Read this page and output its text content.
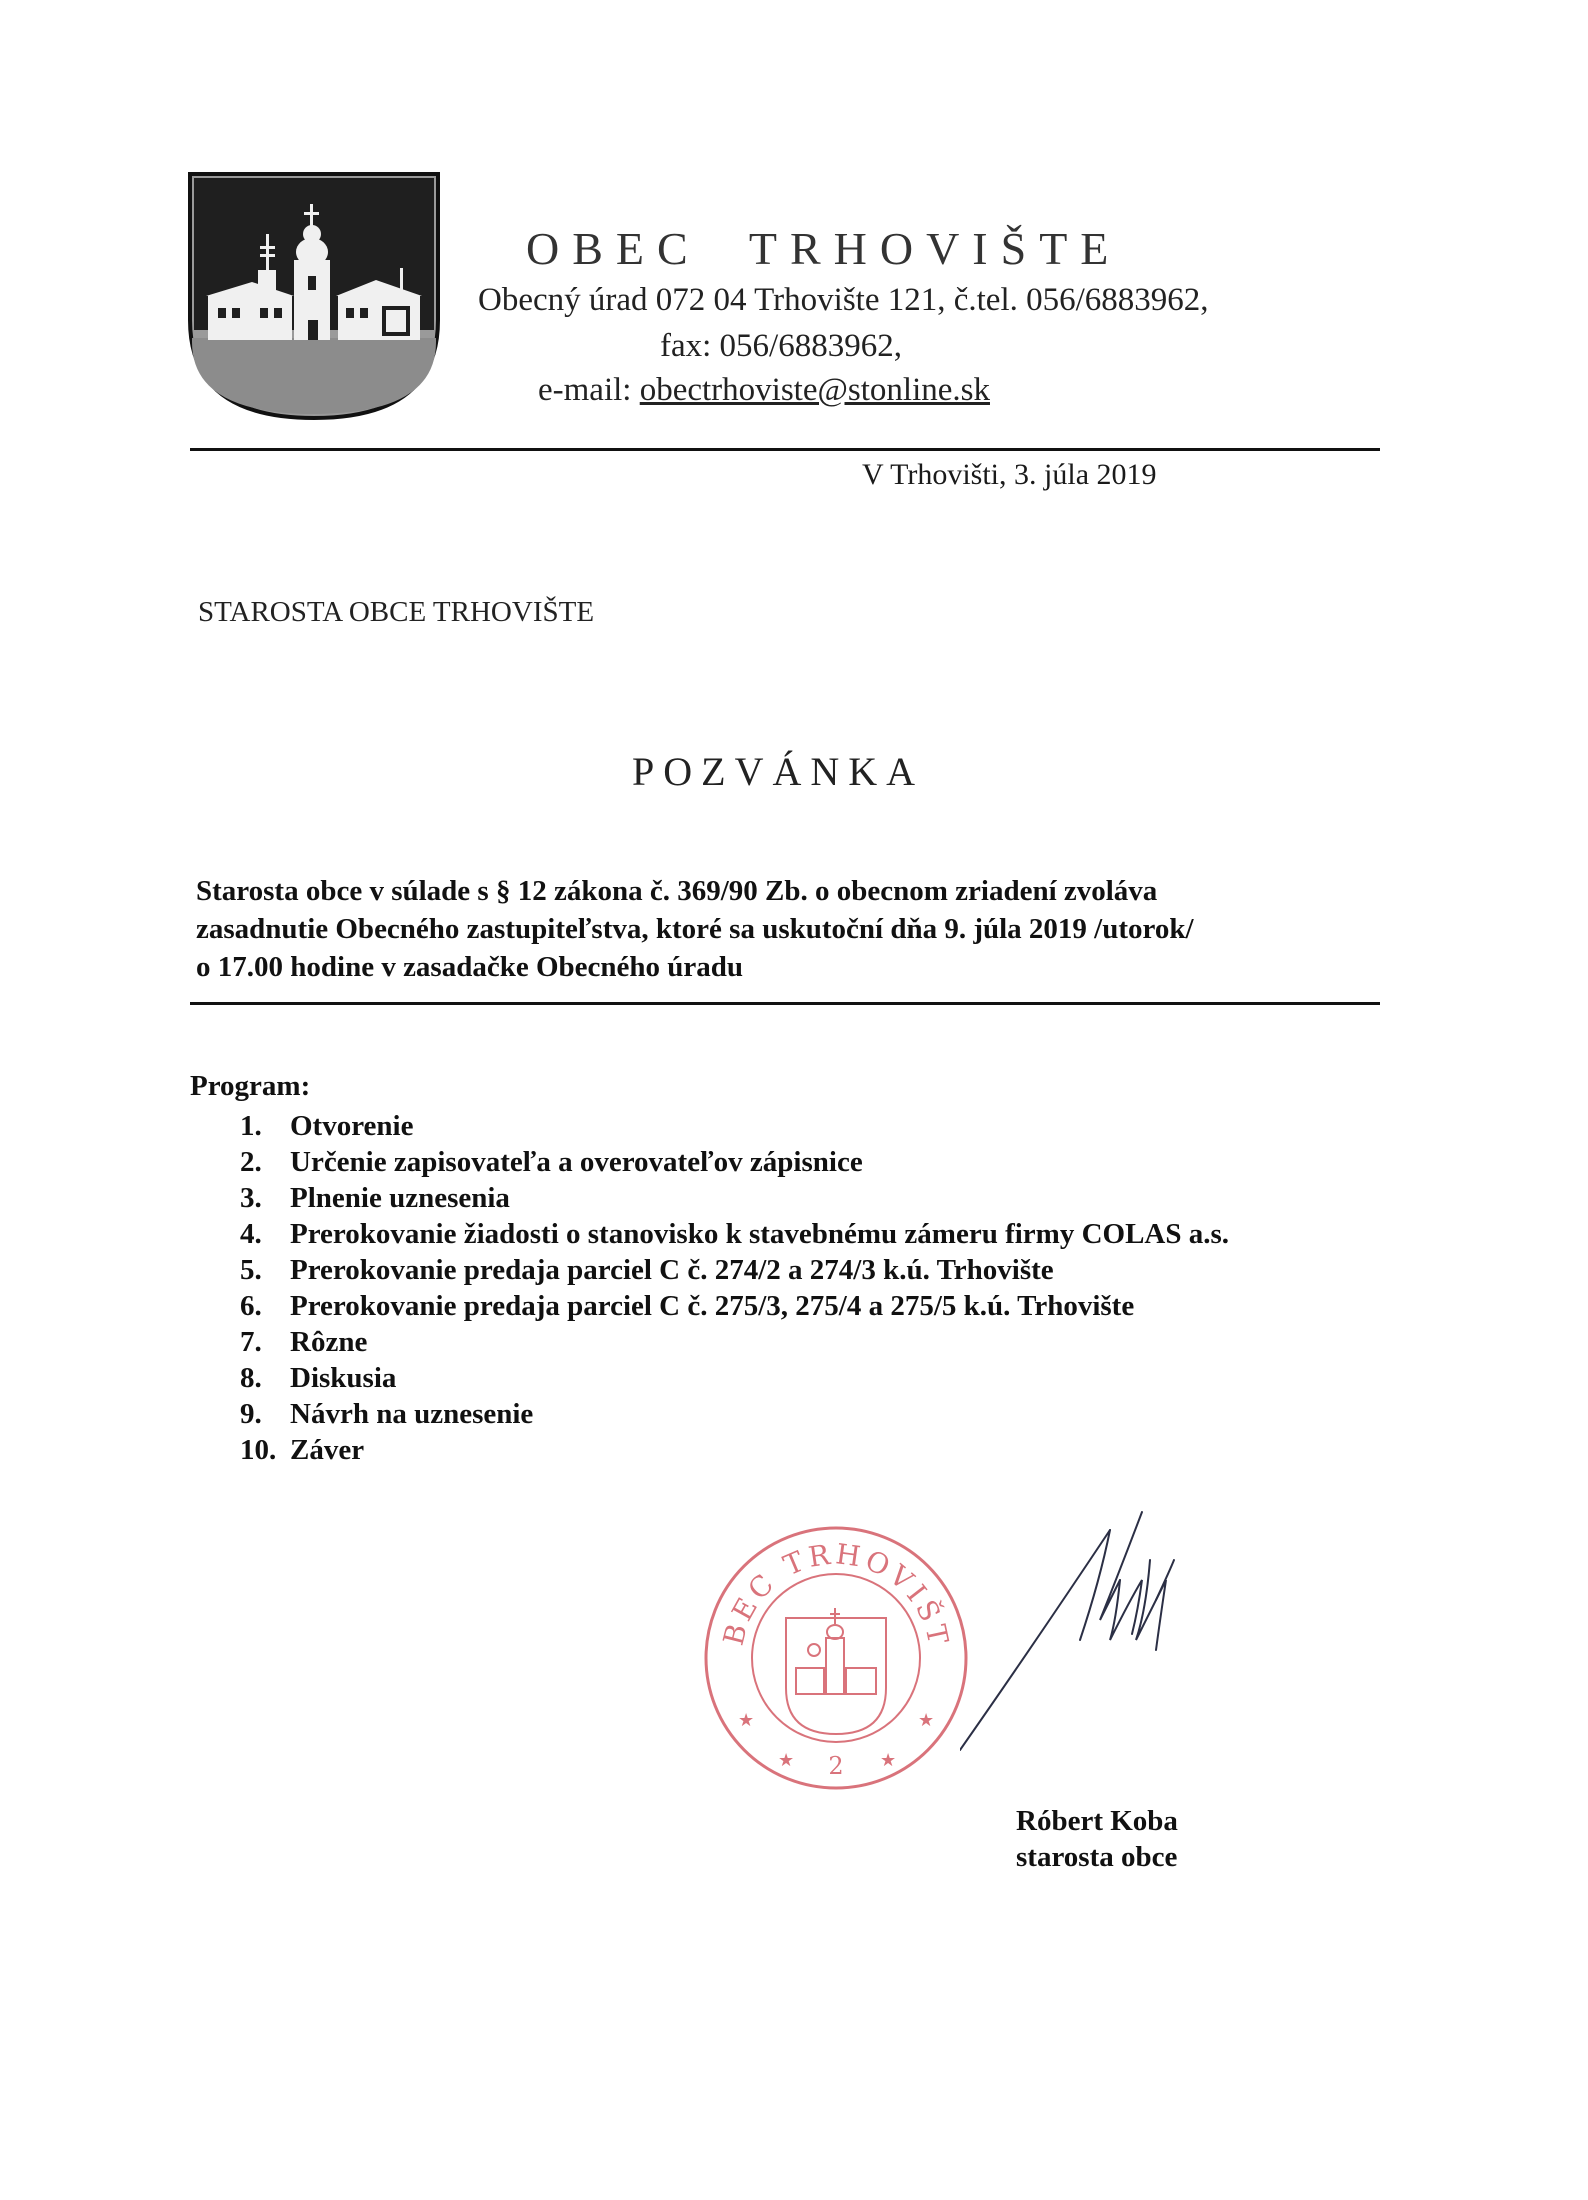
OBEC  TRHOVIŠTE
Obecný úrad 072 04 Trhovište 121, č.tel. 056/6883962,
fax: 056/6883962,
e-mail: obectrhoviste@stonline.sk
V Trhovišti, 3. júla 2019
STAROSTA OBCE TRHOVIŠTE
POZVÁNKA
Starosta obce v súlade s § 12 zákona č. 369/90 Zb. o obecnom zriadení zvoláva
zasadnutie Obecného zastupiteľstva, ktoré sa uskutoční dňa 9. júla 2019 /utorok/
o 17.00 hodine v zasadačke Obecného úradu
Program:
1. Otvorenie
2. Určenie zapisovateľa a overovateľov zápisnice
3. Plnenie uznesenia
4. Prerokovanie žiadosti o stanovisko k stavebnému zámeru firmy COLAS a.s.
5. Prerokovanie predaja parciel C č. 274/2 a 274/3 k.ú. Trhovište
6. Prerokovanie predaja parciel C č. 275/3, 275/4 a 275/5 k.ú. Trhovište
7. Rôzne
8. Diskusia
9. Návrh na uznesenie
10. Záver
BEC TRHOVIŠT
2
★	★
★	★
Róbert Koba
starosta obce
